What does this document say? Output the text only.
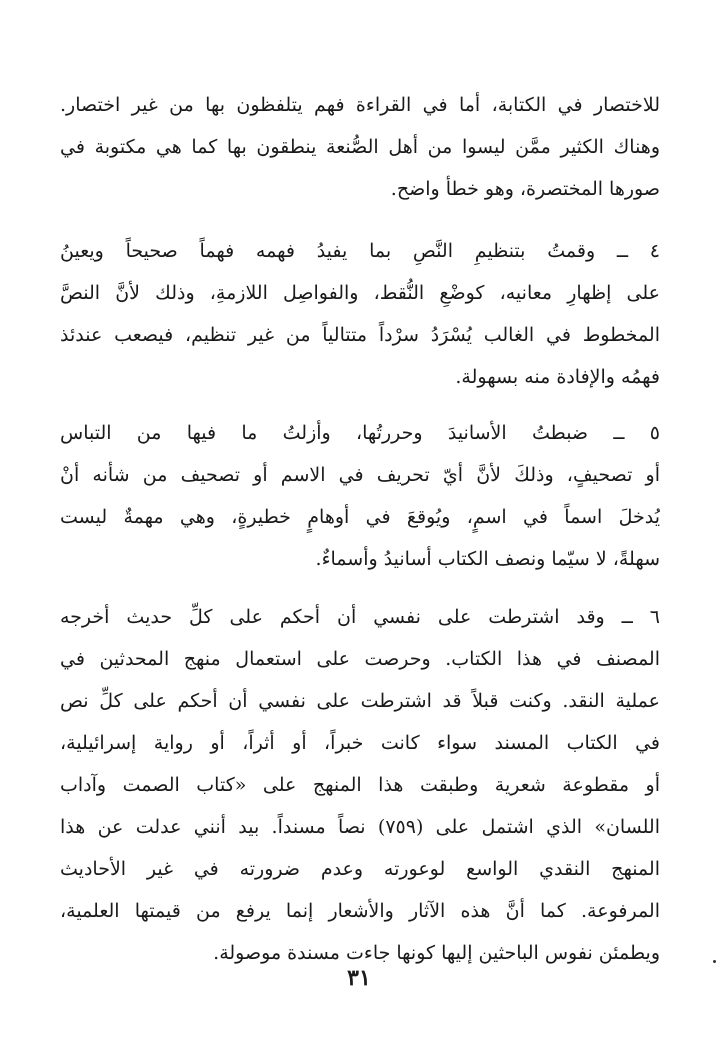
للاختصار في الكتابة، أما في القراءة فهم يتلفظون بها من غير اختصار.
وهناك الكثير ممَّن ليسوا من أهل الصُّنعة ينطقون بها كما هي مكتوبة في
صورها المختصرة، وهو خطأ واضح.
٤ ــ وقمتُ بتنظيمِ النَّصِ بما يفيدُ فهمه فهماً صحيحاً ويعينُ
على إظهارِ معانيه، كوضْعِ النُّقط، والفواصِل اللازمةِ، وذلك لأنَّ النصَّ
المخطوط في الغالب يُسْرَدُ سرْداً متتالياً من غير تنظيم، فيصعب عندئذ
فهمُه والإفادة منه بسهولة.
٥ ــ ضبطتُ الأسانيدَ وحررتُها، وأزلتُ ما فيها من التباس
أو تصحيفٍ، وذلكَ لأنَّ أيّ تحريف في الاسم أو تصحيف من شأنه أنْ
يُدخلَ اسماً في اسمٍ، ويُوقعَ في أوهامٍ خطيرةٍ، وهي مهمةٌ ليست
سهلةً، لا سيّما ونصف الكتاب أسانيدُ وأسماءٌ.
٦ ــ وقد اشترطت على نفسي أن أحكم على كلِّ حديث أخرجه
المصنف في هذا الكتاب. وحرصت على استعمال منهج المحدثين في
عملية النقد. وكنت قبلاً قد اشترطت على نفسي أن أحكم على كلِّ نص
في الكتاب المسند سواء كانت خبراً، أو أثراً، أو رواية إسرائيلية،
أو مقطوعة شعرية وطبقت هذا المنهج على «كتاب الصمت وآداب
اللسان» الذي اشتمل على (٧٥٩) نصاً مسنداً. بيد أنني عدلت عن هذا
المنهج النقدي الواسع لوعورته وعدم ضرورته في غير الأحاديث
المرفوعة. كما أنَّ هذه الآثار والأشعار إنما يرفع من قيمتها العلمية،
ويطمئن نفوس الباحثين إليها كونها جاءت مسندة موصولة.
٣١
